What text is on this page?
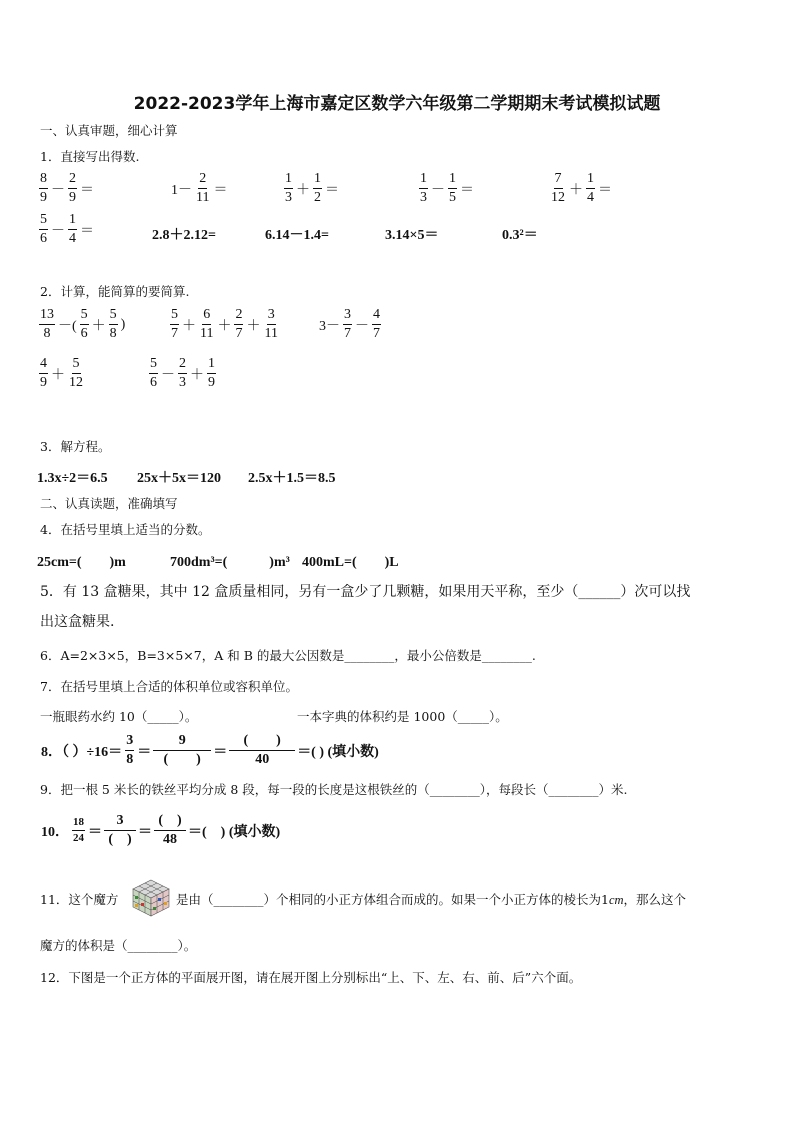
2022-2023学年上海市嘉定区数学六年级第二学期期末考试模拟试题
一、认真审题，细心计算
1．直接写出得数.
$\frac{8}{9} - \frac{2}{9}$ ＝	$1- \frac{2}{11}$ ＝	$\frac{1}{3} + \frac{1}{2}$ ＝	$\frac{1}{3} - \frac{1}{5}$ ＝	$\frac{7}{12} + \frac{1}{4}$ ＝
$\frac{5}{6} - \frac{1}{4}$ ＝	2.8＋2.12=	6.14－1.4=	3.14×5＝	0.3²＝
2．计算，能简算的要简算.
$\frac{13}{8}$ －( $\frac{5}{6} + \frac{5}{8}$ )	$\frac{5}{7} + \frac{6}{11} + \frac{2}{7} + \frac{3}{11}$	$3- \frac{3}{7} - \frac{4}{7}$
$\frac{4}{9} + \frac{5}{12}$	$\frac{5}{6} - \frac{2}{3} + \frac{1}{9}$
3．解方程。
1.3x÷2＝6.5 25x＋5x＝120 2.5x＋1.5＝8.5
二、认真读题，准确填写
4．在括号里填上适当的分数。
25cm=(　　)m	700dm³=(　　　)m³ 400mL=(　　)L
5．有 13 盒糖果，其中 12 盒质量相同，另有一盒少了几颗糖，如果用天平称，至少（______）次可以找
出这盒糖果.
6．A=2×3×5，B=3×5×7，A 和 B 的最大公因数是________，最小公倍数是________.
7．在括号里填上合适的体积单位或容积单位。
一瓶眼药水约 10（_____）。	一本字典的体积约是 1000（_____）。
8．（ ）$\div 16= \frac{3}{8} = \frac{9}{( )} = \frac{( )}{40}$ ＝( ) (填小数)
9．把一根 5 米长的铁丝平均分成 8 段，每一段的长度是这根铁丝的（________），每段长（________）米.
10． $\frac{18}{24} = \frac{3}{( )} = \frac{( )}{48}$ ＝(　) (填小数)
11．这个魔方	是由（________）个相同的小正方体组合而成的。如果一个小正方体的棱长为1cm，那么这个
魔方的体积是（________）。
12．下图是一个正方体的平面展开图，请在展开图上分别标出“上、下、左、右、前、后”六个面。
